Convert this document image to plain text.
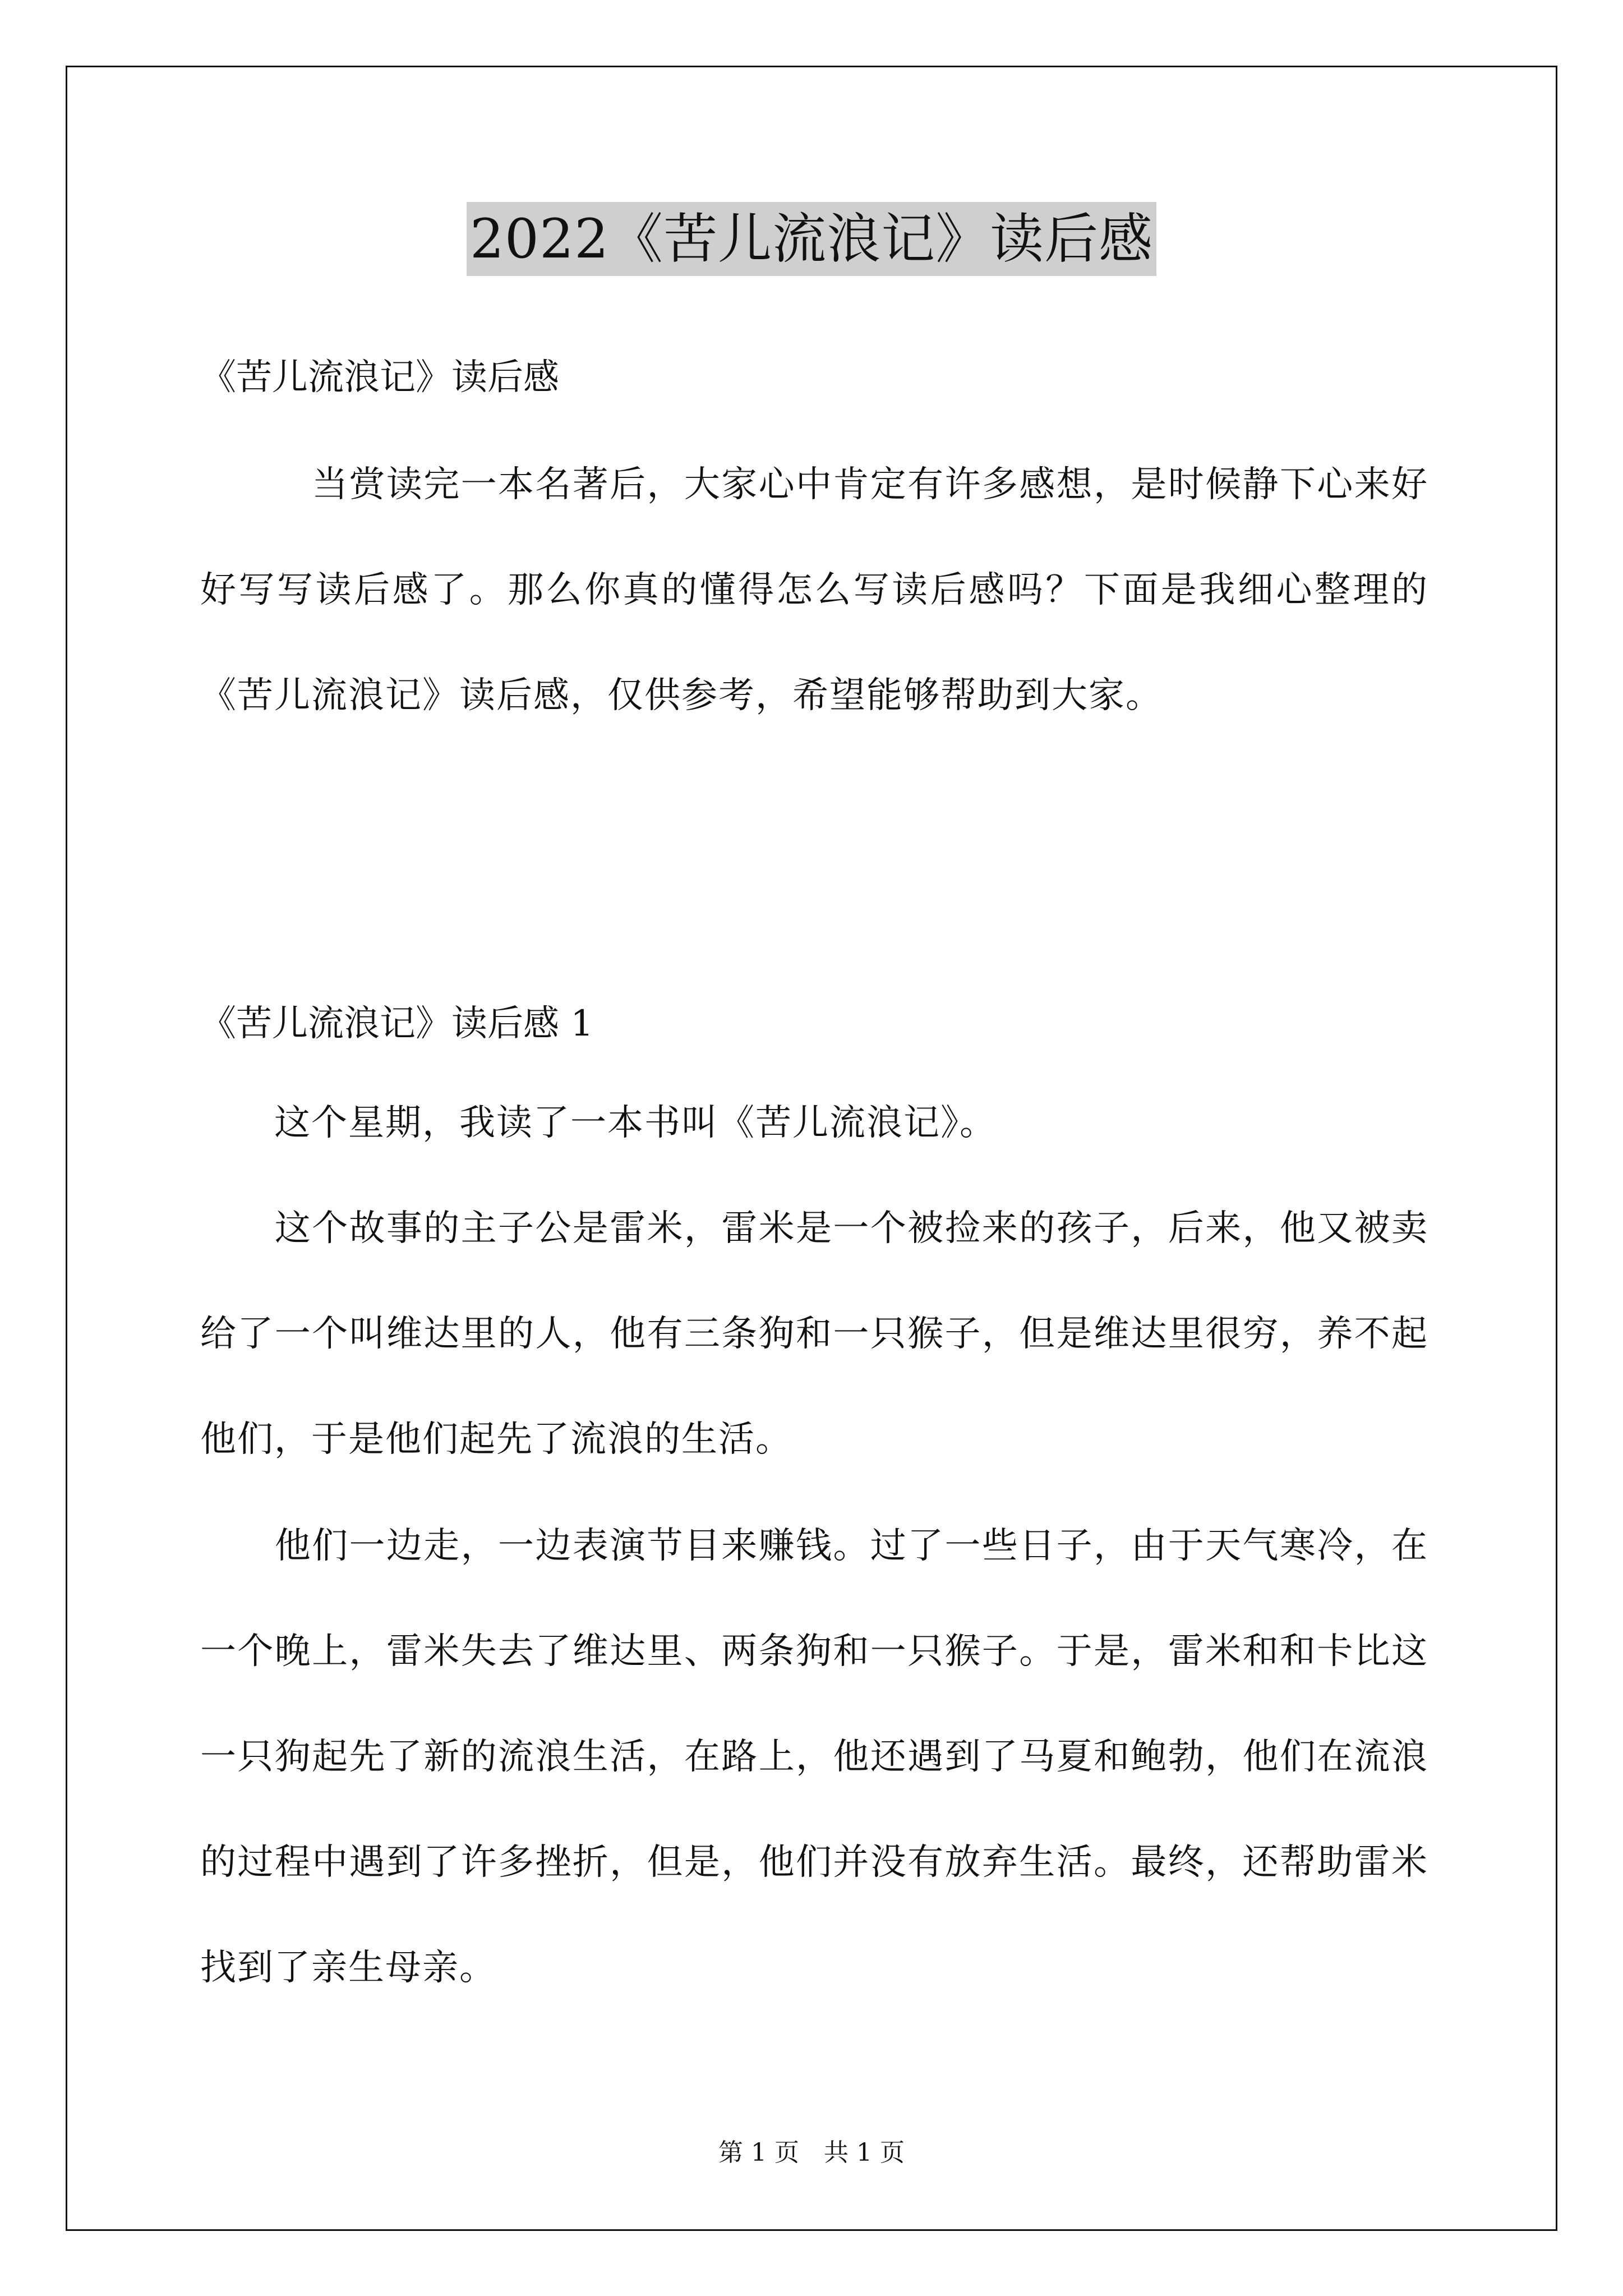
2022《苦儿流浪记》读后感
《苦儿流浪记》读后感
　　　当赏读完一本名著后，大家心中肯定有许多感想，是时候静下心来好好写写读后感了。那么你真的懂得怎么写读后感吗？下面是我细心整理的《苦儿流浪记》读后感，仅供参考，希望能够帮助到大家。
《苦儿流浪记》读后感 1
　　这个星期，我读了一本书叫《苦儿流浪记》。
　　这个故事的主子公是雷米，雷米是一个被捡来的孩子，后来，他又被卖给了一个叫维达里的人，他有三条狗和一只猴子，但是维达里很穷，养不起他们，于是他们起先了流浪的生活。
　　他们一边走，一边表演节目来赚钱。过了一些日子，由于天气寒冷，在一个晚上，雷米失去了维达里、两条狗和一只猴子。于是，雷米和和卡比这一只狗起先了新的流浪生活，在路上，他还遇到了马夏和鲍勃，他们在流浪的过程中遇到了许多挫折，但是，他们并没有放弃生活。最终，还帮助雷米找到了亲生母亲。
第 1 页　共 1 页
